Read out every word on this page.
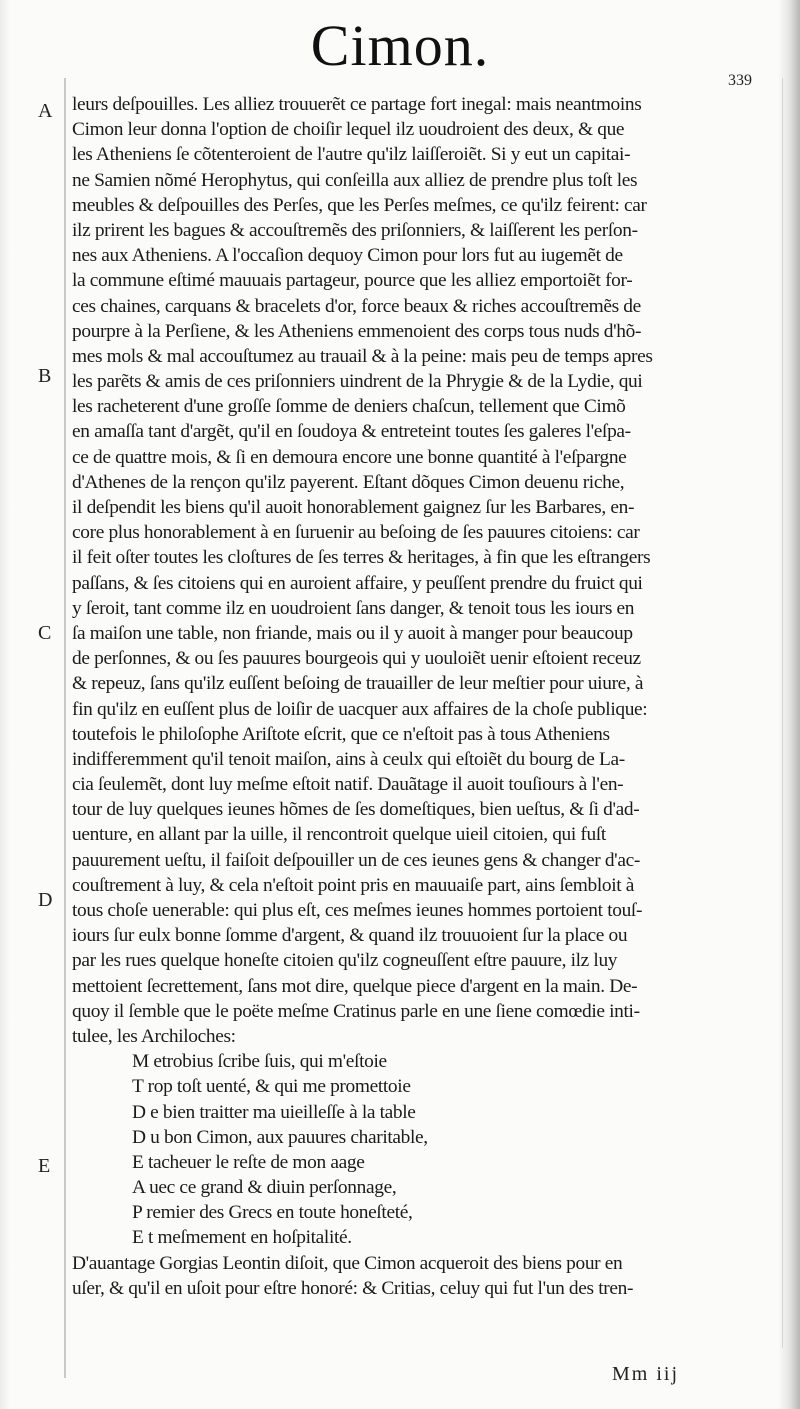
Cimon.
339
A
B
C
D
E
leurs deſpouilles. Les alliez trouuerẽt ce partage fort inegal: mais neantmoins
Cimon leur donna l'option de choiſir lequel ilz uoudroient des deux, & que
les Atheniens ſe cõtenteroient de l'autre qu'ilz laiſſeroiẽt. Si y eut un capitai-
ne Samien nõmé Herophytus, qui conſeilla aux alliez de prendre plus toſt les
meubles & deſpouilles des Perſes, que les Perſes meſmes, ce qu'ilz feirent: car
ilz prirent les bagues & accouſtremẽs des priſonniers, & laiſſerent les perſon-
nes aux Atheniens. A l'occaſion dequoy Cimon pour lors fut au iugemẽt de
la commune eſtimé mauuais partageur, pource que les alliez emportoiẽt for-
ces chaines, carquans & bracelets d'or, force beaux & riches accouſtremẽs de
pourpre à la Perſiene, & les Atheniens emmenoient des corps tous nuds d'hõ-
mes mols & mal accouſtumez au trauail & à la peine: mais peu de temps apres
les parẽts & amis de ces priſonniers uindrent de la Phrygie & de la Lydie, qui
les racheterent d'une groſſe ſomme de deniers chaſcun, tellement que Cimõ
en amaſſa tant d'argẽt, qu'il en ſoudoya & entreteint toutes ſes galeres l'eſpa-
ce de quattre mois, & ſi en demoura encore une bonne quantité à l'eſpargne
d'Athenes de la rençon qu'ilz payerent. Eſtant dõques Cimon deuenu riche,
il deſpendit les biens qu'il auoit honorablement gaignez ſur les Barbares, en-
core plus honorablement à en ſuruenir au beſoing de ſes pauures citoiens: car
il feit oſter toutes les cloſtures de ſes terres & heritages, à fin que les eſtrangers
paſſans, & ſes citoiens qui en auroient affaire, y peuſſent prendre du fruict qui
y ſeroit, tant comme ilz en uoudroient ſans danger, & tenoit tous les iours en
ſa maiſon une table, non friande, mais ou il y auoit à manger pour beaucoup
de perſonnes, & ou ſes pauures bourgeois qui y uouloiẽt uenir eſtoient receuz
& repeuz, ſans qu'ilz euſſent beſoing de trauailler de leur meſtier pour uiure, à
fin qu'ilz en euſſent plus de loiſir de uacquer aux affaires de la choſe publique:
toutefois le philoſophe Ariſtote eſcrit, que ce n'eſtoit pas à tous Atheniens
indifferemment qu'il tenoit maiſon, ains à ceulx qui eſtoiẽt du bourg de La-
cia ſeulemẽt, dont luy meſme eſtoit natif. Dauãtage il auoit touſiours à l'en-
tour de luy quelques ieunes hõmes de ſes domeſtiques, bien ueſtus, & ſi d'ad-
uenture, en allant par la uille, il rencontroit quelque uieil citoien, qui fuſt
pauurement ueſtu, il faiſoit deſpouiller un de ces ieunes gens & changer d'ac-
couſtrement à luy, & cela n'eſtoit point pris en mauuaiſe part, ains ſembloit à
tous choſe uenerable: qui plus eſt, ces meſmes ieunes hommes portoient touſ-
iours ſur eulx bonne ſomme d'argent, & quand ilz trouuoient ſur la place ou
par les rues quelque honeſte citoien qu'ilz cogneuſſent eſtre pauure, ilz luy
mettoient ſecrettement, ſans mot dire, quelque piece d'argent en la main. De-
quoy il ſemble que le poëte meſme Cratinus parle en une ſiene comœdie inti-
tulee, les Archiloches:
M etrobius ſcribe ſuis, qui m'eſtoie
T rop toſt uenté, & qui me promettoie
D e bien traitter ma uieilleſſe à la table
D u bon Cimon, aux pauures charitable,
E tacheuer le reſte de mon aage
A uec ce grand & diuin perſonnage,
P remier des Grecs en toute honeſteté,
E t meſmement en hoſpitalité.
D'auantage Gorgias Leontin diſoit, que Cimon acqueroit des biens pour en
uſer, & qu'il en uſoit pour eſtre honoré: & Critias, celuy qui fut l'un des tren-
Mm iij
